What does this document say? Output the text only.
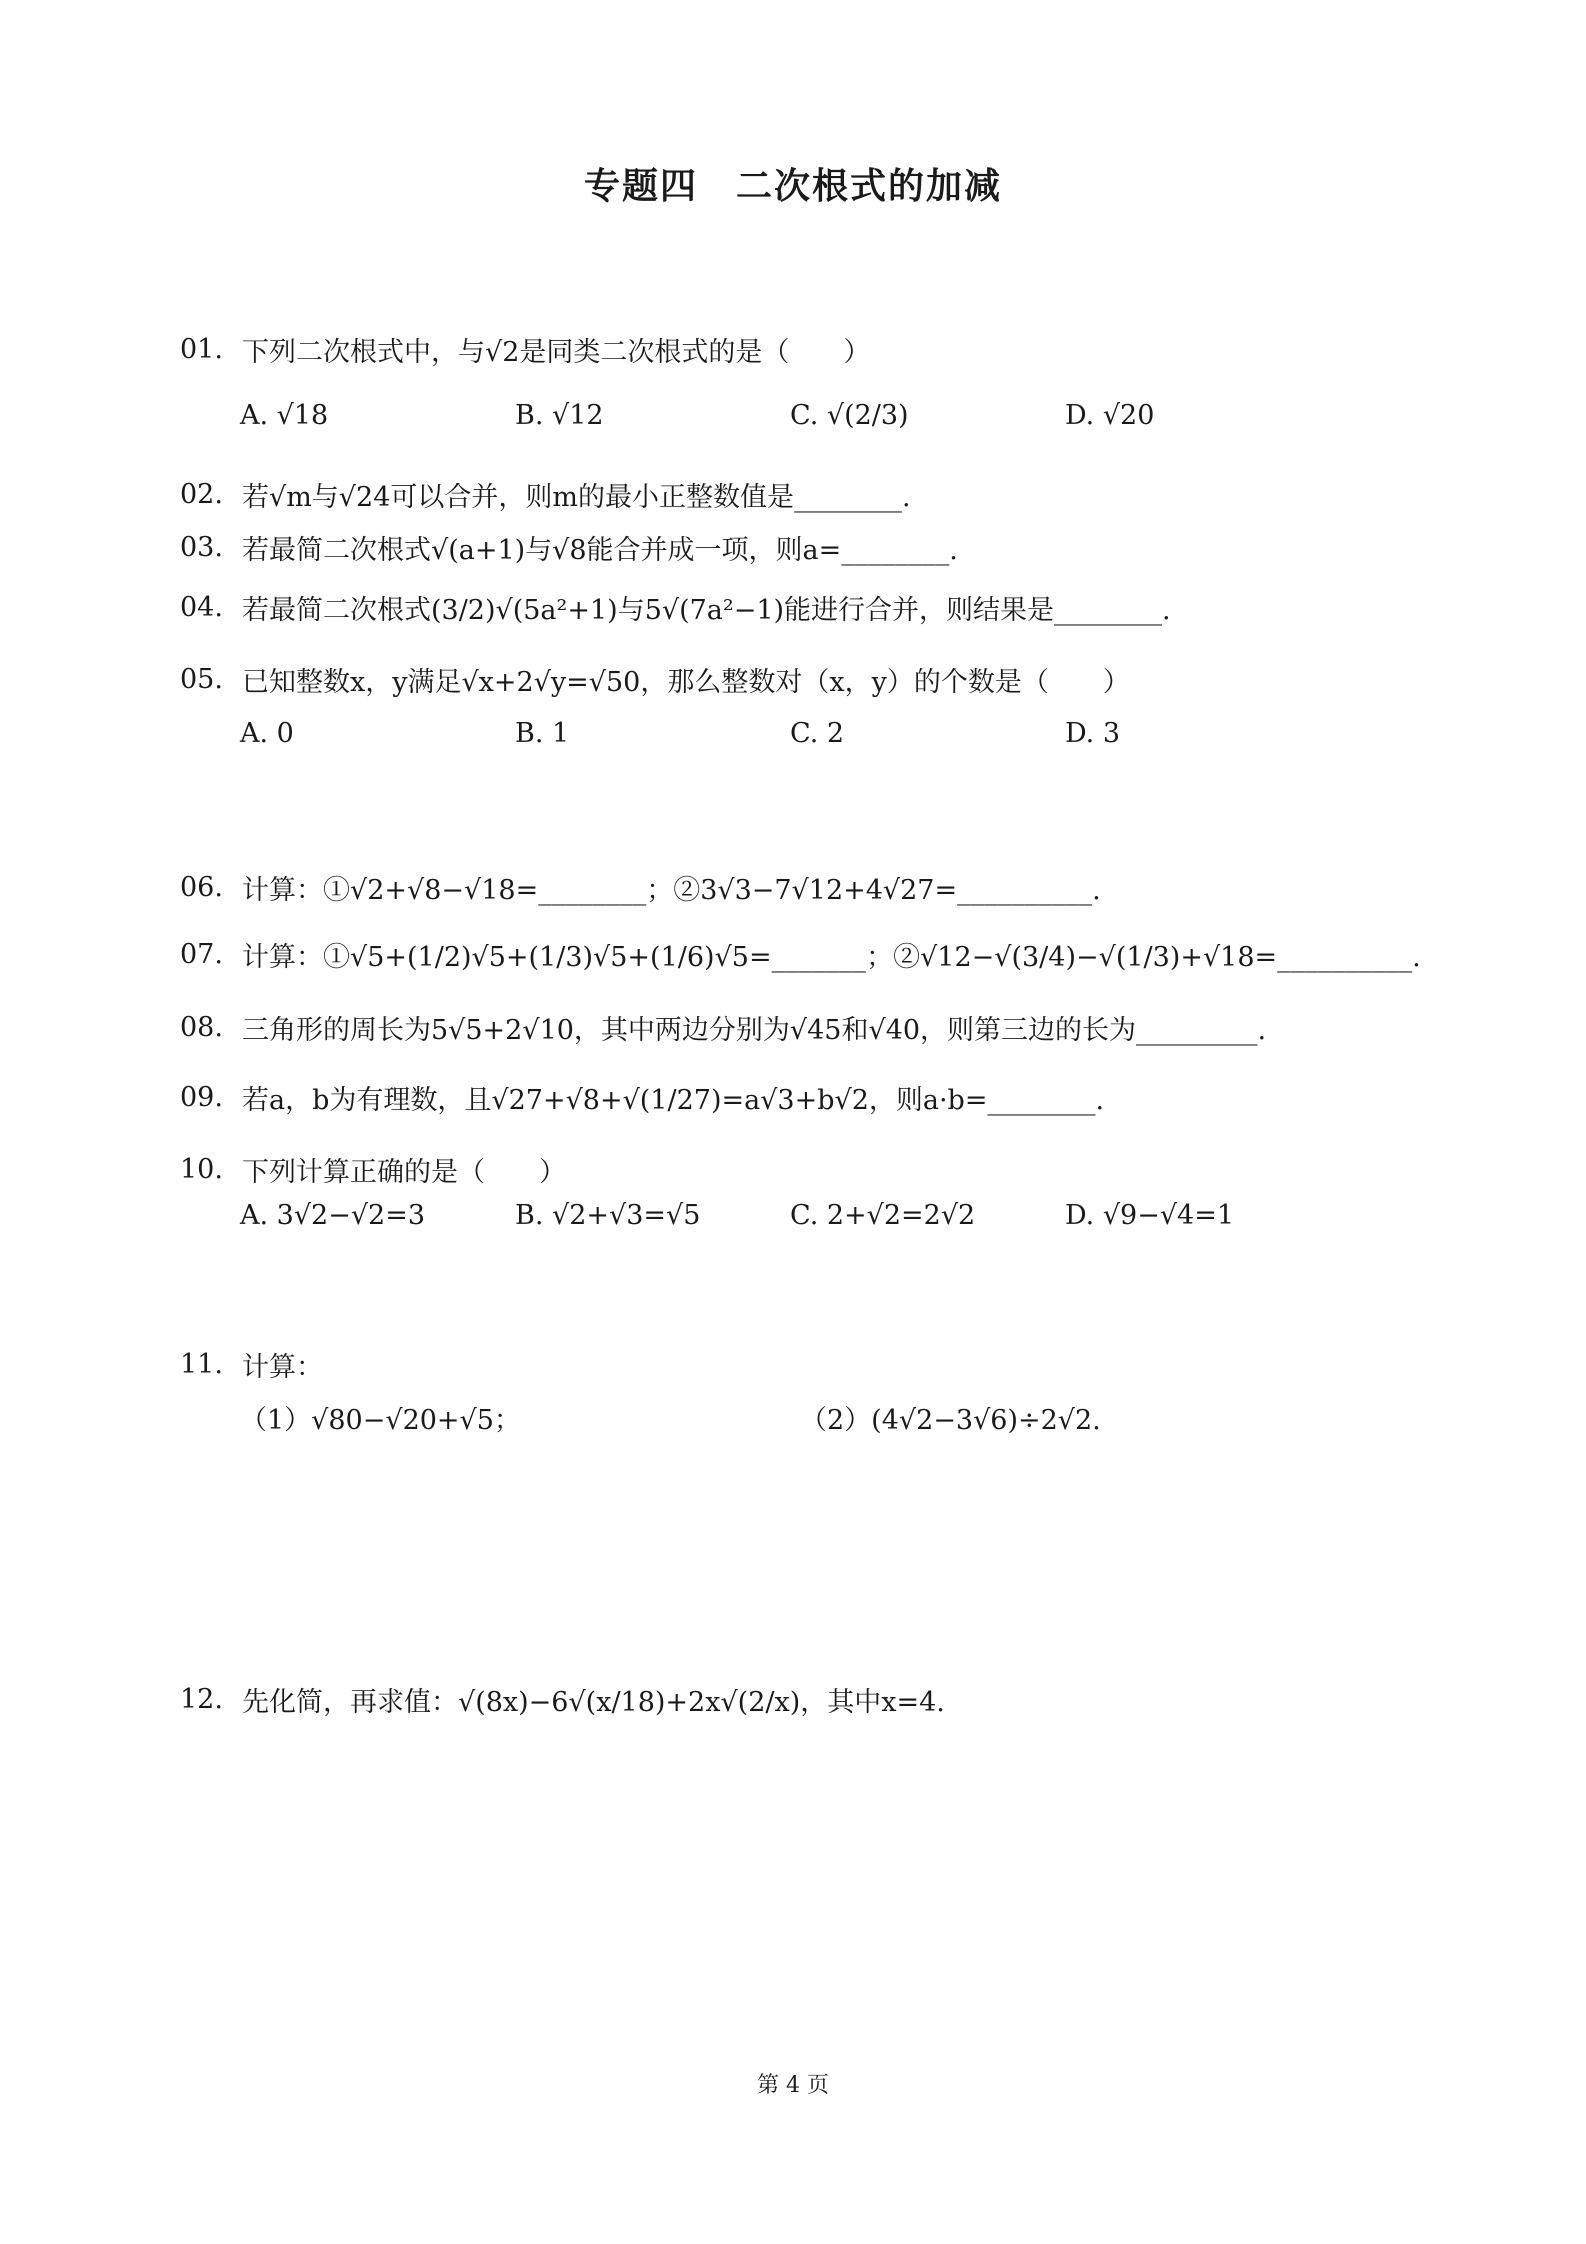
专题四　二次根式的加减
01. 下列二次根式中，与√2是同类二次根式的是（　　）
A. √18	B. √12	C. √(2/3)	D. √20
02. 若√m与√24可以合并，则m的最小正整数值是________.
03. 若最简二次根式√(a+1)与√8能合并成一项，则a=________.
04. 若最简二次根式(3/2)√(5a²+1)与5√(7a²−1)能进行合并，则结果是________.
05. 已知整数x，y满足√x+2√y=√50，那么整数对（x，y）的个数是（　　）
A. 0	B. 1	C. 2	D. 3
06. 计算：①√2+√8−√18=________；②3√3−7√12+4√27=__________.
07. 计算：①√5+(1/2)√5+(1/3)√5+(1/6)√5=_______；②√12−√(3/4)−√(1/3)+√18=__________.
08. 三角形的周长为5√5+2√10，其中两边分别为√45和√40，则第三边的长为_________.
09. 若a，b为有理数，且√27+√8+√(1/27)=a√3+b√2，则a·b=________.
10. 下列计算正确的是（　　）
A. 3√2−√2=3	B. √2+√3=√5	C. 2+√2=2√2	D. √9−√4=1
11. 计算：
（1）√80−√20+√5；	（2）(4√2−3√6)÷2√2.
12. 先化简，再求值：√(8x)−6√(x/18)+2x√(2/x)，其中x=4.
第 4 页
